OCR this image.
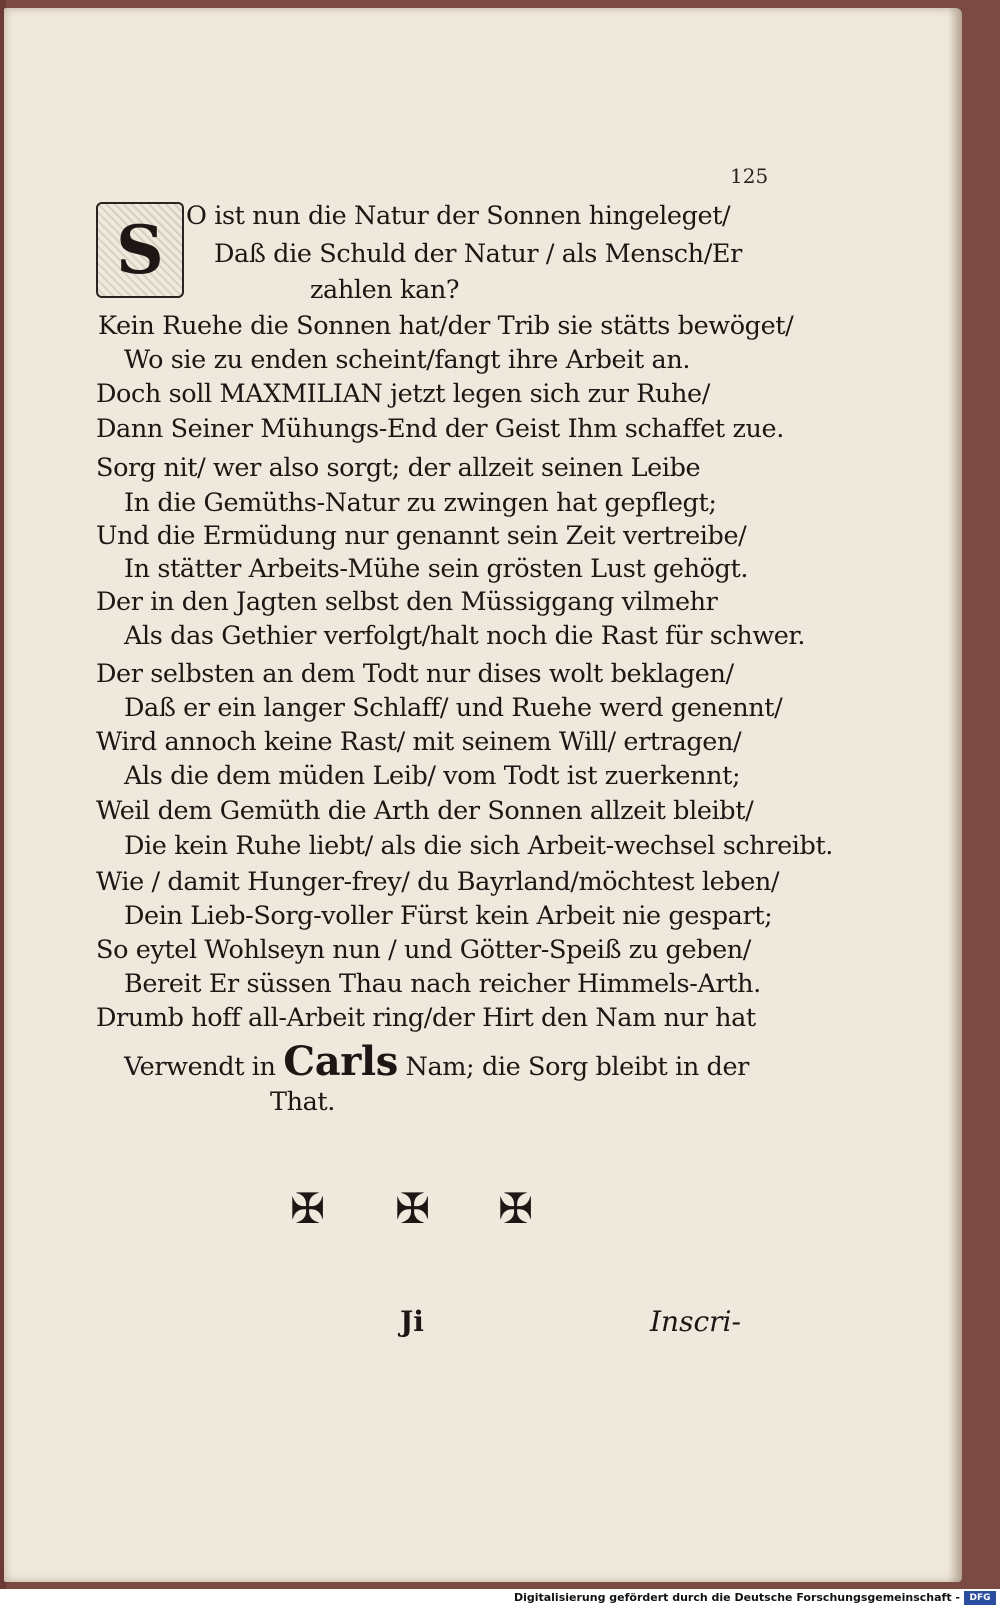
125
S O ist nun die Natur der Sonnen hingeleget/
Daß die Schuld der Natur / als Mensch/Er
zahlen kan?
Kein Ruehe die Sonnen hat/der Trib sie stätts bewöget/
Wo sie zu enden scheint/fangt ihre Arbeit an.
Doch soll MAXMILIAN jetzt legen sich zur Ruhe/
Dann Seiner Mühungs-End der Geist Ihm schaffet zue.
Sorg nit/ wer also sorgt; der allzeit seinen Leibe
In die Gemüths-Natur zu zwingen hat gepflegt;
Und die Ermüdung nur genannt sein Zeit vertreibe/
In stätter Arbeits-Mühe sein grösten Lust gehögt.
Der in den Jagten selbst den Müssiggang vilmehr
Als das Gethier verfolgt/halt noch die Rast für schwer.
Der selbsten an dem Todt nur dises wolt beklagen/
Daß er ein langer Schlaff/ und Ruehe werd genennt/
Wird annoch keine Rast/ mit seinem Will/ ertragen/
Als die dem müden Leib/ vom Todt ist zuerkennt;
Weil dem Gemüth die Arth der Sonnen allzeit bleibt/
Die kein Ruhe liebt/ als die sich Arbeit-wechsel schreibt.
Wie / damit Hunger-frey/ du Bayrland/möchtest leben/
Dein Lieb-Sorg-voller Fürst kein Arbeit nie gespart;
So eytel Wohlseyn nun / und Götter-Speiß zu geben/
Bereit Er süssen Thau nach reicher Himmels-Arth.
Drumb hoff all-Arbeit ring/der Hirt den Nam nur hat
Verwendt in Carls Nam; die Sorg bleibt in der
That.
✠ ✠ ✠
Ji	Inscri-
Digitalisierung gefördert durch die Deutsche Forschungsgemeinschaft -	DFG
